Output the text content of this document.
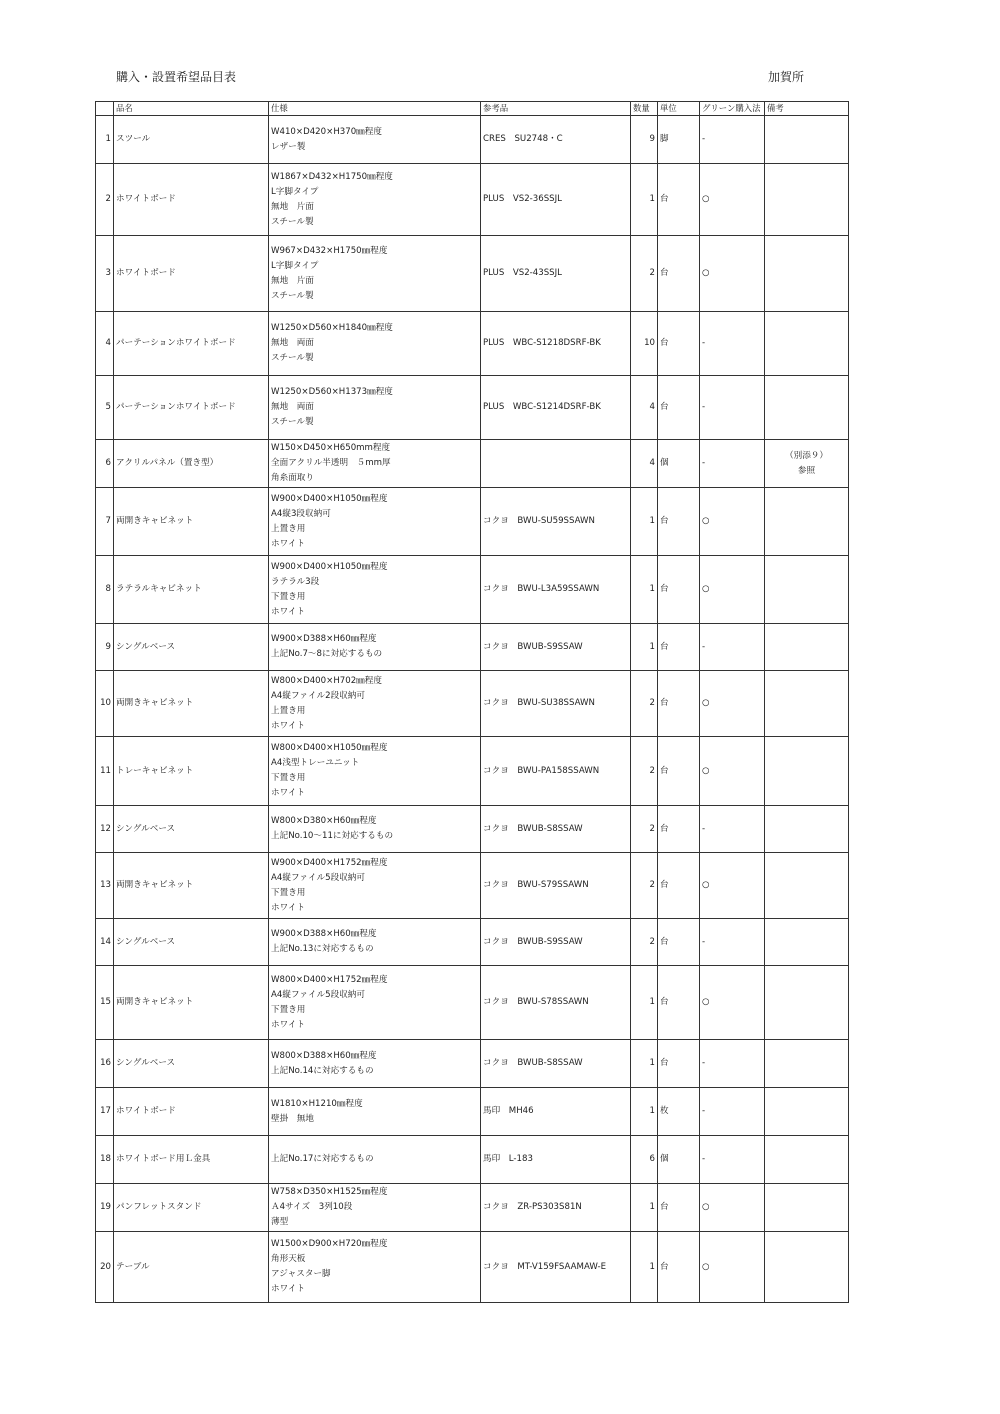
購入・設置希望品目表	加賀所
	品名	仕様	参考品	数量	単位	グリーン購入法	備考
1	スツール	W410×D420×H370㎜程度
レザー製	CRES　SU2748・C	9	脚	-	
2	ホワイトボード	W1867×D432×H1750㎜程度
L字脚タイプ
無地　片面
スチール製	PLUS　VS2-36SSJL	1	台	○	
3	ホワイトボード	W967×D432×H1750㎜程度
L字脚タイプ
無地　片面
スチール製	PLUS　VS2-43SSJL	2	台	○	
4	パーテーションホワイトボード	W1250×D560×H1840㎜程度
無地　両面
スチール製	PLUS　WBC-S1218DSRF-BK	10	台	-	
5	パーテーションホワイトボード	W1250×D560×H1373㎜程度
無地　両面
スチール製	PLUS　WBC-S1214DSRF-BK	4	台	-	
6	アクリルパネル（置き型）	W150×D450×H650mm程度
全面アクリル半透明　５mm厚
角糸面取り		4	個	-	（別添９）
参照

7	両開きキャビネット	W900×D400×H1050㎜程度
A4縦3段収納可
上置き用
ホワイト	コクヨ　BWU-SU59SSAWN	1	台	○	
8	ラテラルキャビネット	W900×D400×H1050㎜程度
ラテラル3段
下置き用
ホワイト	コクヨ　BWU-L3A59SSAWN	1	台	○	
9	シングルベース	W900×D388×H60㎜程度
上記No.7～8に対応するもの	コクヨ　BWUB-S9SSAW	1	台	-	
10	両開きキャビネット	W800×D400×H702㎜程度
A4縦ファイル2段収納可
上置き用
ホワイト	コクヨ　BWU-SU38SSAWN	2	台	○	
11	トレーキャビネット	W800×D400×H1050㎜程度
A4浅型トレーユニット
下置き用
ホワイト	コクヨ　BWU-PA158SSAWN	2	台	○	
12	シングルベース	W800×D380×H60㎜程度
上記No.10～11に対応するもの	コクヨ　BWUB-S8SSAW	2	台	-	
13	両開きキャビネット	W900×D400×H1752㎜程度
A4縦ファイル5段収納可
下置き用
ホワイト	コクヨ　BWU-S79SSAWN	2	台	○	
14	シングルベース	W900×D388×H60㎜程度
上記No.13に対応するもの	コクヨ　BWUB-S9SSAW	2	台	-	
15	両開きキャビネット	W800×D400×H1752㎜程度
A4縦ファイル5段収納可
下置き用
ホワイト	コクヨ　BWU-S78SSAWN	1	台	○	
16	シングルベース	W800×D388×H60㎜程度
上記No.14に対応するもの	コクヨ　BWUB-S8SSAW	1	台	-	
17	ホワイトボード	W1810×H1210㎜程度
壁掛　無地	馬印　MH46	1	枚	-	
18	ホワイトボード用Ｌ金具	上記No.17に対応するもの	馬印　L-183	6	個	-	
19	パンフレットスタンド	W758×D350×H1525㎜程度
Ａ4サイズ　3列10段
薄型	コクヨ　ZR-PS303S81N	1	台	○	
20	テーブル	W1500×D900×H720㎜程度
角形天板
アジャスター脚
ホワイト	コクヨ　MT-V159FSAAMAW-E	1	台	○	
